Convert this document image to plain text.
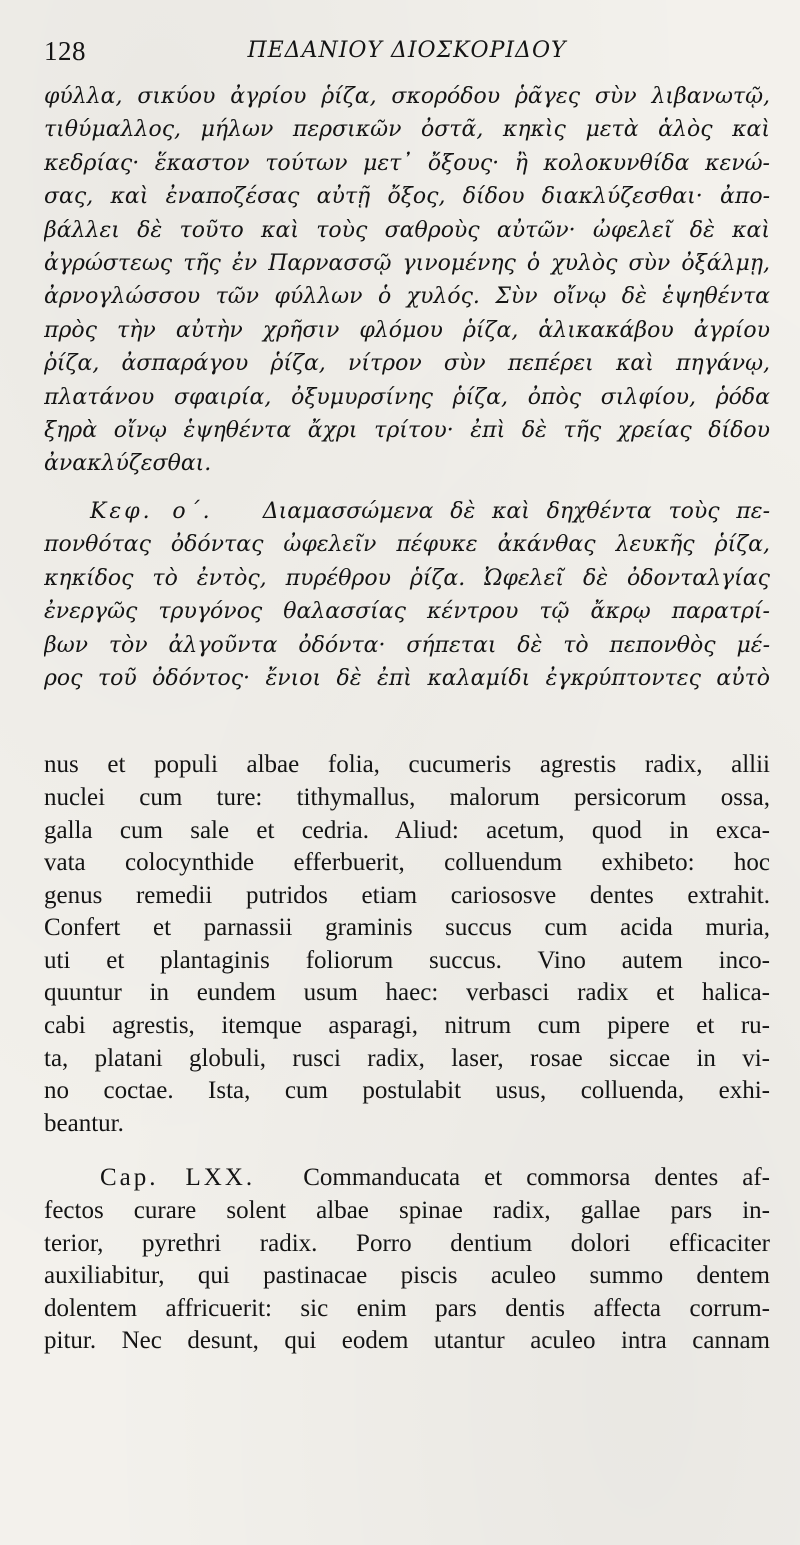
128	ΠΕΔΑΝΙΟΥ ΔΙΟΣΚΟΡΙΔΟΥ
φύλλα, σικύου ἀγρίου ῥίζα, σκορόδου ῥᾶγες σὺν λιβανωτῷ,
τιθύμαλλος, μήλων περσικῶν ὀστᾶ, κηκὶς μετὰ ἁλὸς καὶ
κεδρίας· ἕκαστον τούτων μετ᾽ ὄξους· ἢ κολοκυνθίδα κενώ-
σας, καὶ ἐναποζέσας αὐτῇ ὄξος, δίδου διακλύζεσθαι· ἀπο-
βάλλει δὲ τοῦτο καὶ τοὺς σαθροὺς αὐτῶν· ὠφελεῖ δὲ καὶ
ἀγρώστεως τῆς ἐν Παρνασσῷ γινομένης ὁ χυλὸς σὺν ὀξάλμῃ,
ἀρνογλώσσου τῶν φύλλων ὁ χυλός. Σὺν οἴνῳ δὲ ἑψηθέντα
πρὸς τὴν αὐτὴν χρῆσιν φλόμου ῥίζα, ἁλικακάβου ἀγρίου
ῥίζα, ἀσπαράγου ῥίζα, νίτρον σὺν πεπέρει καὶ πηγάνῳ,
πλατάνου σφαιρία, ὀξυμυρσίνης ῥίζα, ὀπὸς σιλφίου, ῥόδα
ξηρὰ οἴνῳ ἑψηθέντα ἄχρι τρίτου· ἐπὶ δὲ τῆς χρείας δίδου
ἀνακλύζεσθαι.
Κεφ. ο΄. Διαμασσώμενα δὲ καὶ δηχθέντα τοὺς πε-
πονθότας ὀδόντας ὠφελεῖν πέφυκε ἀκάνθας λευκῆς ῥίζα,
κηκίδος τὸ ἐντὸς, πυρέθρου ῥίζα. Ὠφελεῖ δὲ ὀδονταλγίας
ἐνεργῶς τρυγόνος θαλασσίας κέντρου τῷ ἄκρῳ παρατρί-
βων τὸν ἀλγοῦντα ὀδόντα· σήπεται δὲ τὸ πεπονθὸς μέ-
ρος τοῦ ὀδόντος· ἔνιοι δὲ ἐπὶ καλαμίδι ἐγκρύπτοντες αὐτὸ
nus et populi albae folia, cucumeris agrestis radix, allii
nuclei cum ture: tithymallus, malorum persicorum ossa,
galla cum sale et cedria. Aliud: acetum, quod in exca-
vata colocynthide efferbuerit, colluendum exhibeto: hoc
genus remedii putridos etiam cariososve dentes extrahit.
Confert et parnassii graminis succus cum acida muria,
uti et plantaginis foliorum succus. Vino autem inco-
quuntur in eundem usum haec: verbasci radix et halica-
cabi agrestis, itemque asparagi, nitrum cum pipere et ru-
ta, platani globuli, rusci radix, laser, rosae siccae in vi-
no coctae. Ista, cum postulabit usus, colluenda, exhi-
beantur.
Cap. LXX. Commanducata et commorsa dentes af-
fectos curare solent albae spinae radix, gallae pars in-
terior, pyrethri radix. Porro dentium dolori efficaciter
auxiliabitur, qui pastinacae piscis aculeo summo dentem
dolentem affricuerit: sic enim pars dentis affecta corrum-
pitur. Nec desunt, qui eodem utantur aculeo intra cannam
